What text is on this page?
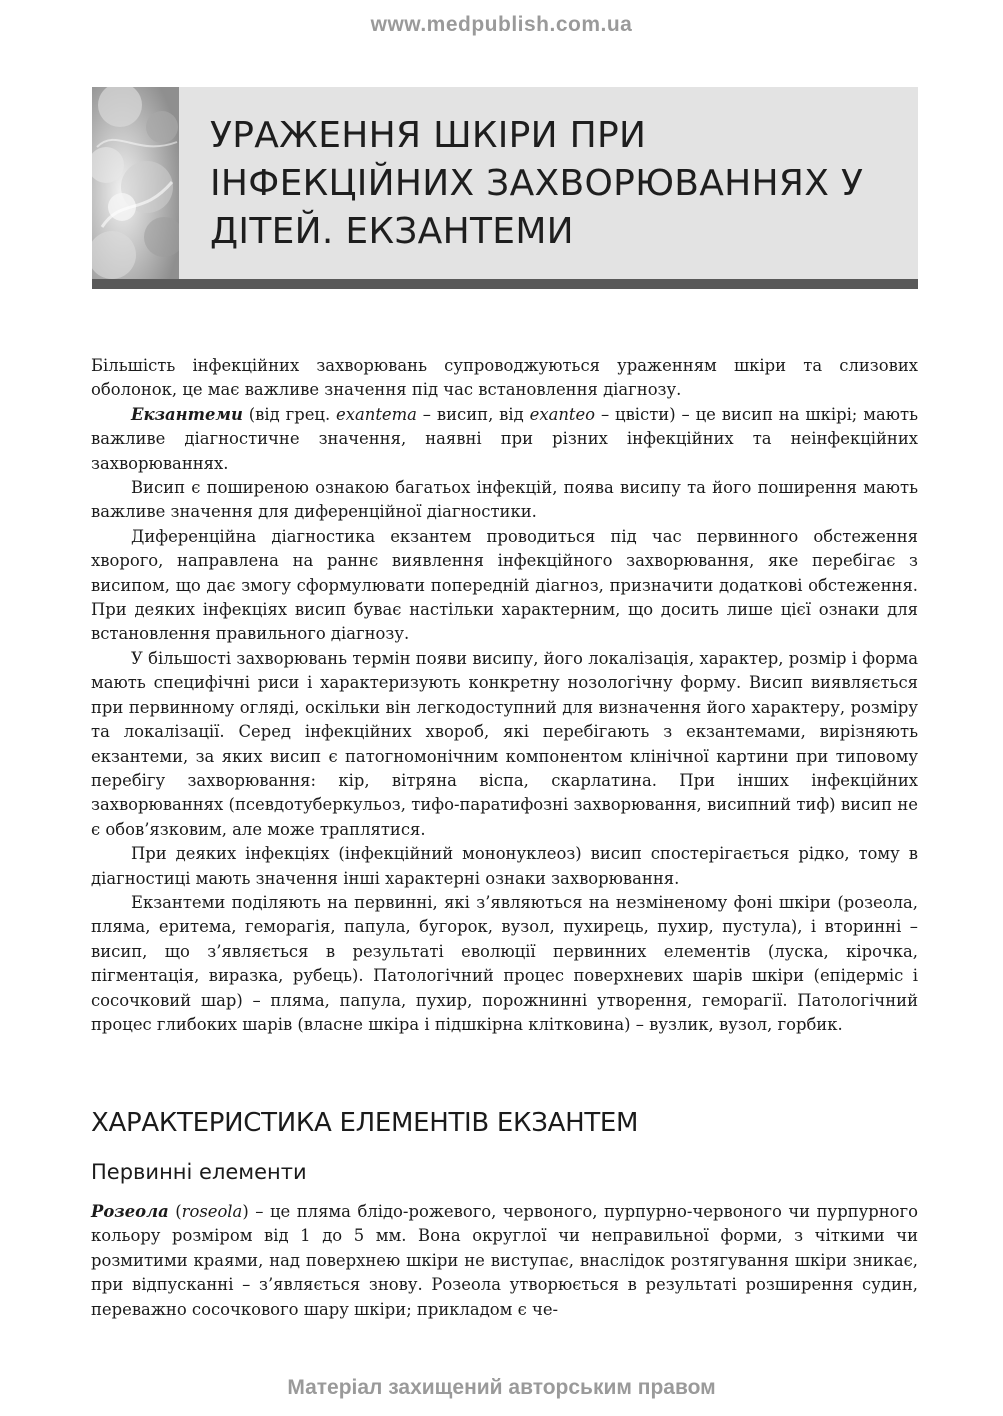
www.medpublish.com.ua
УРАЖЕННЯ ШКІРИ ПРИ ІНФЕКЦІЙНИХ ЗАХВОРЮВАННЯХ У ДІТЕЙ. ЕКЗАНТЕМИ

Більшість інфекційних захворювань супроводжуються ураженням шкіри та слизових оболонок, це має важливе значення під час встановлення діагнозу.

Екзантеми (від грец. exantema – висип, від exanteo – цвісти) – це висип на шкірі; мають важливе діагностичне значення, наявні при різних інфекційних та неінфекційних захворюваннях.

Висип є поширеною ознакою багатьох інфекцій, поява висипу та його поширення мають важливе значення для диференційної діагностики.

Диференційна діагностика екзантем проводиться під час первинного обстеження хворого, направлена на раннє виявлення інфекційного захворювання, яке перебігає з висипом, що дає змогу сформулювати попередній діагноз, призначити додаткові обстеження. При деяких інфекціях висип буває настільки характерним, що досить лише цієї ознаки для встановлення правильного діагнозу.

У більшості захворювань термін появи висипу, його локалізація, характер, розмір і форма мають специфічні риси і характеризують конкретну нозологічну форму. Висип виявляється при первинному огляді, оскільки він легкодоступний для визначення його характеру, розміру та локалізації. Серед інфекційних хвороб, які перебігають з екзантемами, вирізняють екзантеми, за яких висип є патогномонічним компонентом клінічної картини при типовому перебігу захворювання: кір, вітряна віспа, скарлатина. При інших інфекційних захворюваннях (псевдотуберкульоз, тифо-паратифозні захворювання, висипний тиф) висип не є обов’язковим, але може траплятися.

При деяких інфекціях (інфекційний мононуклеоз) висип спостерігається рідко, тому в діагностиці мають значення інші характерні ознаки захворювання.

Екзантеми поділяють на первинні, які з’являються на незміненому фоні шкіри (розеола, пляма, еритема, геморагія, папула, бугорок, вузол, пухирець, пухир, пустула), і вторинні – висип, що з’являється в результаті еволюції первинних елементів (луска, кірочка, пігментація, виразка, рубець). Патологічний процес поверхневих шарів шкіри (епідерміс і сосочковий шар) – пляма, папула, пухир, порожнинні утворення, геморагії. Патологічний процес глибоких шарів (власне шкіра і підшкірна клітковина) – вузлик, вузол, горбик.

ХАРАКТЕРИСТИКА ЕЛЕМЕНТІВ ЕКЗАНТЕМ
Первинні елементи

Розеола (roseola) – це пляма блідо-рожевого, червоного, пурпурно-червоного чи пурпурного кольору розміром від 1 до 5 мм. Вона округлої чи неправильної форми, з чіткими чи розмитими краями, над поверхнею шкіри не виступає, внаслідок розтягування шкіри зникає, при відпусканні – з’являється знову. Розеола утворюється в результаті розширення судин, переважно сосочкового шару шкіри; прикладом є че-

Матеріал захищений авторським правом
